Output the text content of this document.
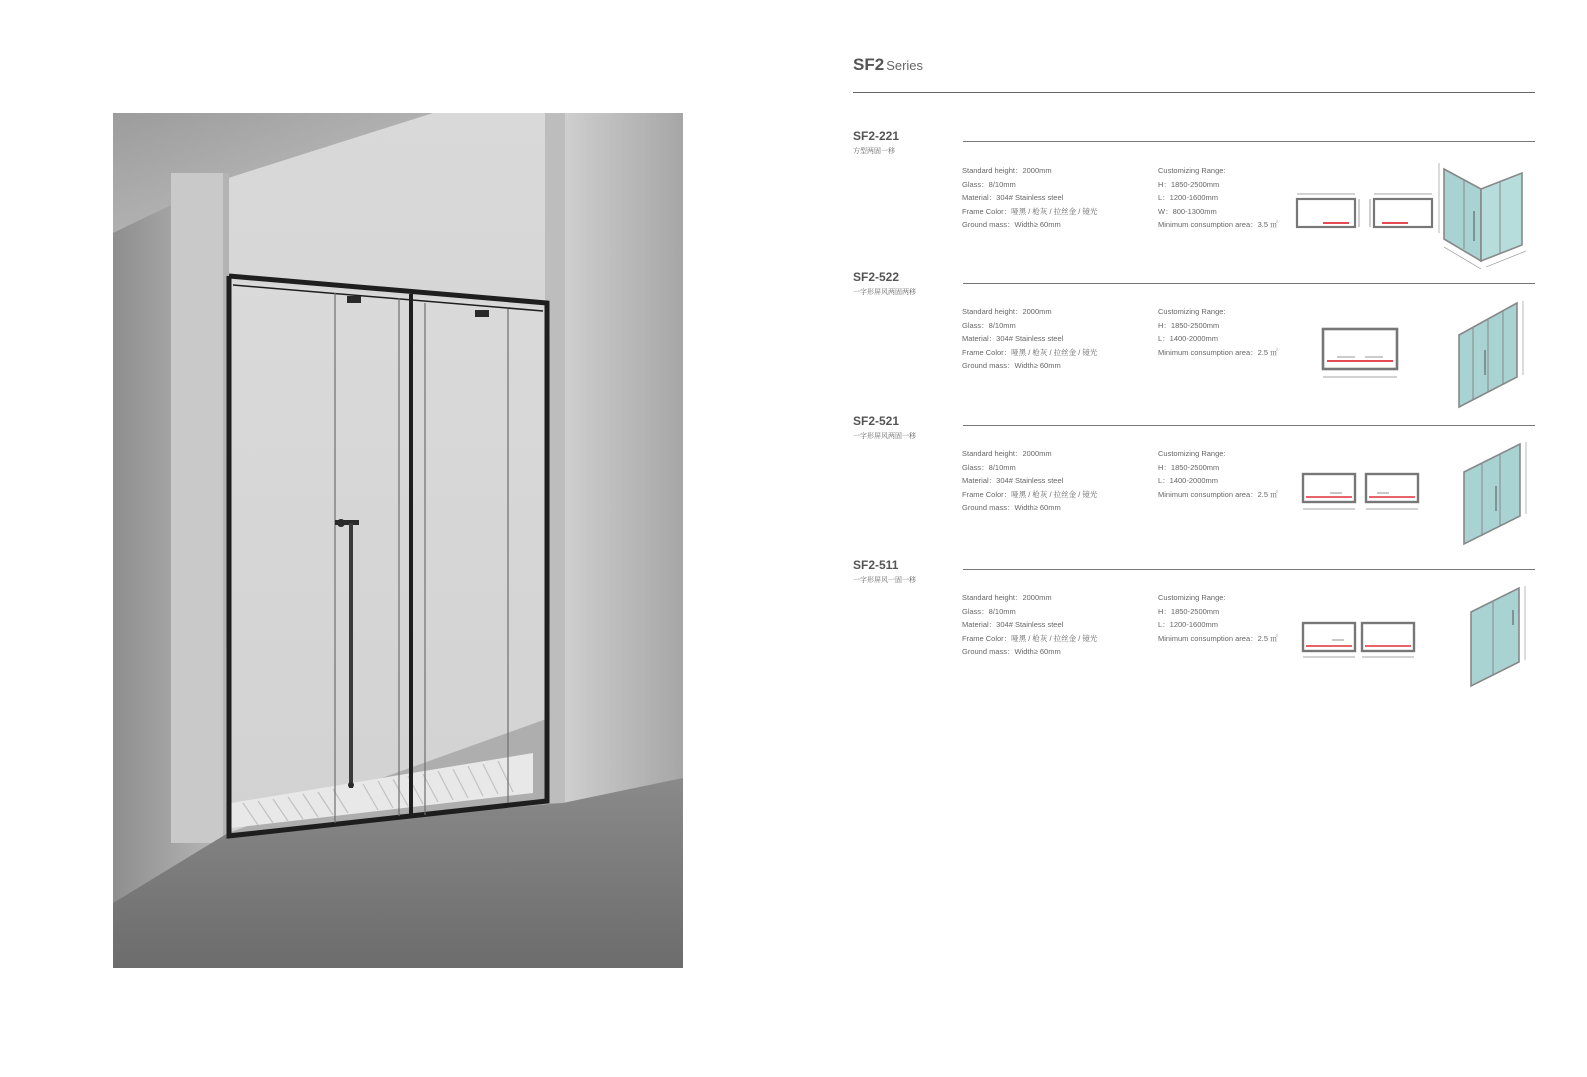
SF2 Series
SF2-221
方型两固一移
Standard height：2000mm
Glass：8/10mm
Material：304# Stainless steel
Frame Color：哑黑 / 枪灰 / 拉丝金 / 镜光
Ground mass：Width≥ 60mm
Customizing Range:
H：1850-2500mm
L：1200-1600mm
W：800-1300mm
Minimum consumption area：3.5 ㎡
SF2-522
一字形屏风两固两移
Standard height：2000mm
Glass：8/10mm
Material：304# Stainless steel
Frame Color：哑黑 / 枪灰 / 拉丝金 / 镜光
Ground mass：Width≥ 60mm
Customizing Range:
H：1850-2500mm
L：1400-2000mm
Minimum consumption area：2.5 ㎡
SF2-521
一字形屏风两固一移
Standard height：2000mm
Glass：8/10mm
Material：304# Stainless steel
Frame Color：哑黑 / 枪灰 / 拉丝金 / 镜光
Ground mass：Width≥ 60mm
Customizing Range:
H：1850-2500mm
L：1400-2000mm
Minimum consumption area：2.5 ㎡
SF2-511
一字形屏风一固一移
Standard height：2000mm
Glass：8/10mm
Material：304# Stainless steel
Frame Color：哑黑 / 枪灰 / 拉丝金 / 镜光
Ground mass：Width≥ 60mm
Customizing Range:
H：1850-2500mm
L：1200-1600mm
Minimum consumption area：2.5 ㎡
